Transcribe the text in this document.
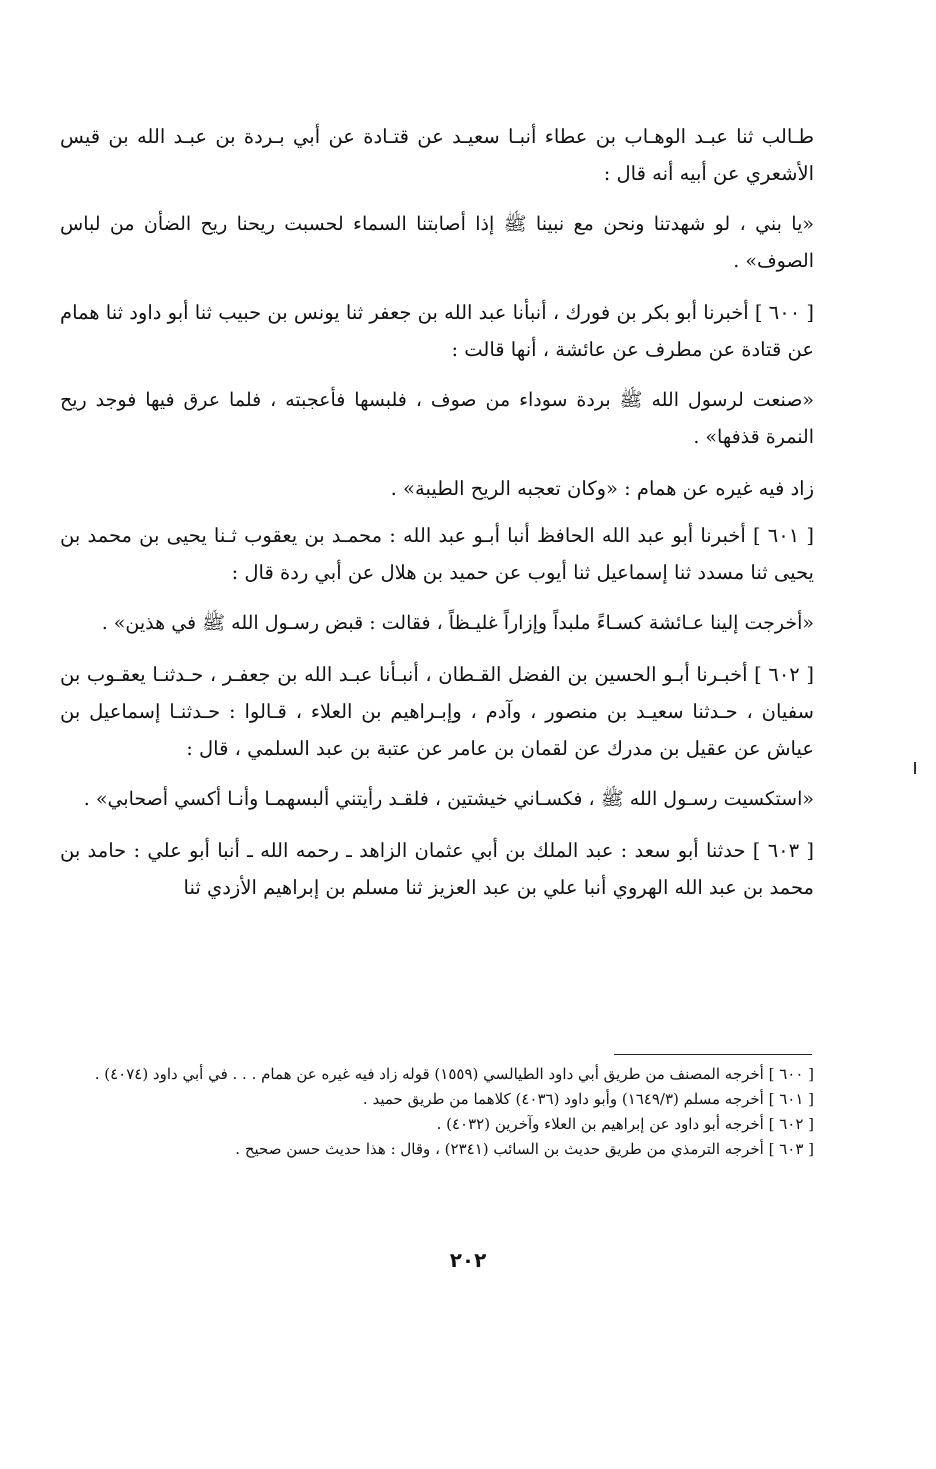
طـالب ثنا عبـد الوهـاب بن عطاء أنبـا سعيـد عن قتـادة عن أبي بـردة بن عبـد الله بن قيس الأشعري عن أبيه أنه قال :

«يا بني ، لو شهدتنا ونحن مع نبينا ﷺ إذا أصابتنا السماء لحسبت ريحنا ريح الضأن من لباس الصوف» .

[ ٦٠٠ ] أخبرنا أبو بكر بن فورك ، أنبأنا عبد الله بن جعفر ثنا يونس بن حبيب ثنا أبو داود ثنا همام عن قتادة عن مطرف عن عائشة ، أنها قالت :

«صنعت لرسول الله ﷺ بردة سوداء من صوف ، فلبسها فأعجبته ، فلما عرق فيها فوجد ريح النمرة قذفها» .

زاد فيه غيره عن همام : «وكان تعجبه الريح الطيبة» .

[ ٦٠١ ] أخبرنا أبو عبد الله الحافظ أنبا أبـو عبد الله : محمـد بن يعقوب ثـنا يحيى بن محمد بن يحيى ثنا مسدد ثنا إسماعيل ثنا أيوب عن حميد بن هلال عن أبي ردة قال :

«أخرجت إلينا عـائشة كسـاءً ملبداً وإزاراً غليـظاً ، فقالت : قبض رسـول الله ﷺ في هذين» .

[ ٦٠٢ ] أخبـرنا أبـو الحسين بن الفضل القـطان ، أنبـأنا عبـد الله بن جعفـر ، حـدثنـا يعقـوب بن سفيان ، حـدثنا سعيـد بن منصور ، وآدم ، وإبـراهيم بن العلاء ، قـالوا : حـدثنـا إسماعيل بن عياش عن عقيل بن مدرك عن لقمان بن عامر عن عتبة بن عبد السلمي ، قال :

«استكسيت رسـول الله ﷺ ، فكسـاني خيشتين ، فلقـد رأيتني ألبسهمـا وأنـا أكسي أصحابي» .

[ ٦٠٣ ] حدثنا أبو سعد : عبد الملك بن أبي عثمان الزاهد ـ رحمه الله ـ أنبا أبو علي : حامد بن محمد بن عبد الله الهروي أنبا علي بن عبد العزيز ثنا مسلم بن إبراهيم الأزدي ثنا

[ ٦٠٠ ] أخرجه المصنف من طريق أبي داود الطيالسي (١٥٥٩) قوله زاد فيه غيره عن همام . . . في أبي داود (٤٠٧٤) .

[ ٦٠١ ] أخرجه مسلم (١٦٤٩/٣) وأبو داود (٤٠٣٦) كلاهما من طريق حميد .

[ ٦٠٢ ] أخرجه أبو داود عن إبراهيم بن العلاء وآخرين (٤٠٣٢) .

[ ٦٠٣ ] أخرجه الترمذي من طريق حديث بن السائب (٢٣٤١) ، وقال : هذا حديث حسن صحيح .

٢٠٢
